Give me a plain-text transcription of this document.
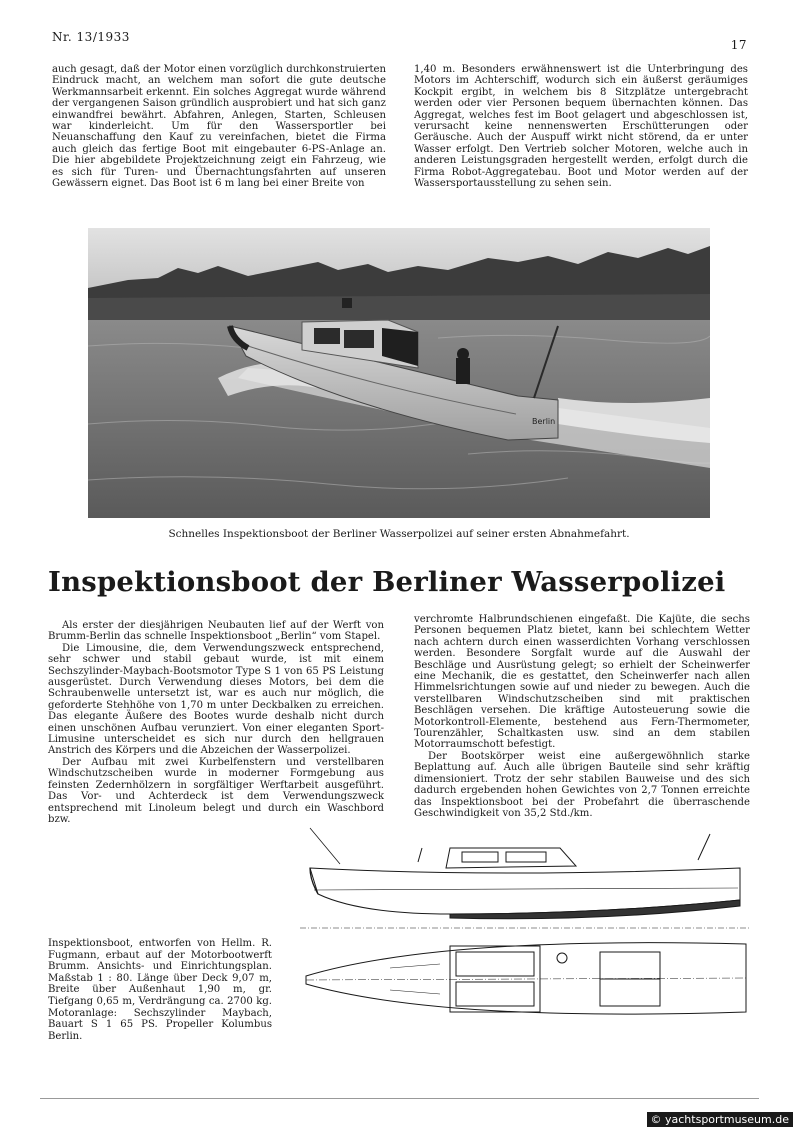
Nr. 13/1933
17

auch gesagt, daß der Motor einen vorzüglich durchkonstruierten Eindruck macht, an welchem man sofort die gute deutsche Werkmannsarbeit erkennt. Ein solches Aggregat wurde während der vergangenen Saison gründlich ausprobiert und hat sich ganz einwandfrei bewährt. Abfahren, Anlegen, Starten, Schleusen war kinderleicht. Um für den Wassersportler bei Neuanschaffung den Kauf zu vereinfachen, bietet die Firma auch gleich das fertige Boot mit eingebauter 6-PS-Anlage an. Die hier abgebildete Projektzeichnung zeigt ein Fahrzeug, wie es sich für Turen- und Übernachtungsfahrten auf unseren Gewässern eignet. Das Boot ist 6 m lang bei einer Breite von

1,40 m. Besonders erwähnenswert ist die Unterbringung des Motors im Achterschiff, wodurch sich ein äußerst geräumiges Kockpit ergibt, in welchem bis 8 Sitzplätze untergebracht werden oder vier Personen bequem übernachten können. Das Aggregat, welches fest im Boot gelagert und abgeschlossen ist, verursacht keine nennenswerten Erschütterungen oder Geräusche. Auch der Auspuff wirkt nicht störend, da er unter Wasser erfolgt. Den Vertrieb solcher Motoren, welche auch in anderen Leistungsgraden hergestellt werden, erfolgt durch die Firma Robot-Aggregatebau. Boot und Motor werden auf der Wassersportausstellung zu sehen sein.

Berlin
Schnelles Inspektionsboot der Berliner Wasserpolizei auf seiner ersten Abnahmefahrt.
Inspektionsboot der Berliner Wasserpolizei

Als erster der diesjährigen Neubauten lief auf der Werft von Brumm-Berlin das schnelle Inspektionsboot „Berlin“ vom Stapel.

Die Limousine, die, dem Verwendungszweck entsprechend, sehr schwer und stabil gebaut wurde, ist mit einem Sechszylinder-Maybach-Bootsmotor Type S 1 von 65 PS Leistung ausgerüstet. Durch Verwendung dieses Motors, bei dem die Schraubenwelle untersetzt ist, war es auch nur möglich, die geforderte Stehhöhe von 1,70 m unter Deckbalken zu erreichen. Das elegante Äußere des Bootes wurde deshalb nicht durch einen unschönen Aufbau verunziert. Von einer eleganten Sport-Limusine unterscheidet es sich nur durch den hellgrauen Anstrich des Körpers und die Abzeichen der Wasserpolizei.

Der Aufbau mit zwei Kurbelfenstern und verstellbaren Windschutzscheiben wurde in moderner Formgebung aus feinsten Zedernhölzern in sorgfältiger Werftarbeit ausgeführt. Das Vor- und Achterdeck ist dem Verwendungszweck entsprechend mit Linoleum belegt und durch ein Waschbord bzw.

verchromte Halbrundschienen eingefaßt. Die Kajüte, die sechs Personen bequemen Platz bietet, kann bei schlechtem Wetter nach achtern durch einen wasserdichten Vorhang verschlossen werden. Besondere Sorgfalt wurde auf die Auswahl der Beschläge und Ausrüstung gelegt; so erhielt der Scheinwerfer eine Mechanik, die es gestattet, den Scheinwerfer nach allen Himmelsrichtungen sowie auf und nieder zu bewegen. Auch die verstellbaren Windschutzscheiben sind mit praktischen Beschlägen versehen. Die kräftige Autosteuerung sowie die Motorkontroll-Elemente, bestehend aus Fern-Thermometer, Tourenzähler, Schaltkasten usw. sind an dem stabilen Motorraumschott befestigt.

Der Bootskörper weist eine außergewöhnlich starke Beplattung auf. Auch alle übrigen Bauteile sind sehr kräftig dimensioniert. Trotz der sehr stabilen Bauweise und des sich dadurch ergebenden hohen Gewichtes von 2,7 Tonnen erreichte das Inspektionsboot bei der Probefahrt die überraschende Geschwindigkeit von 35,2 Std./km.

Inspektionsboot, entworfen von Hellm. R. Fugmann, erbaut auf der Motorbootwerft Brumm. Ansichts- und Einrichtungsplan. Maßstab 1 : 80. Länge über Deck 9,07 m, Breite über Außenhaut 1,90 m, gr. Tiefgang 0,65 m, Verdrängung ca. 2700 kg. Motoranlage: Sechszylinder Maybach, Bauart S 1 65 PS. Propeller Kolumbus Berlin.
© yachtsportmuseum.de
